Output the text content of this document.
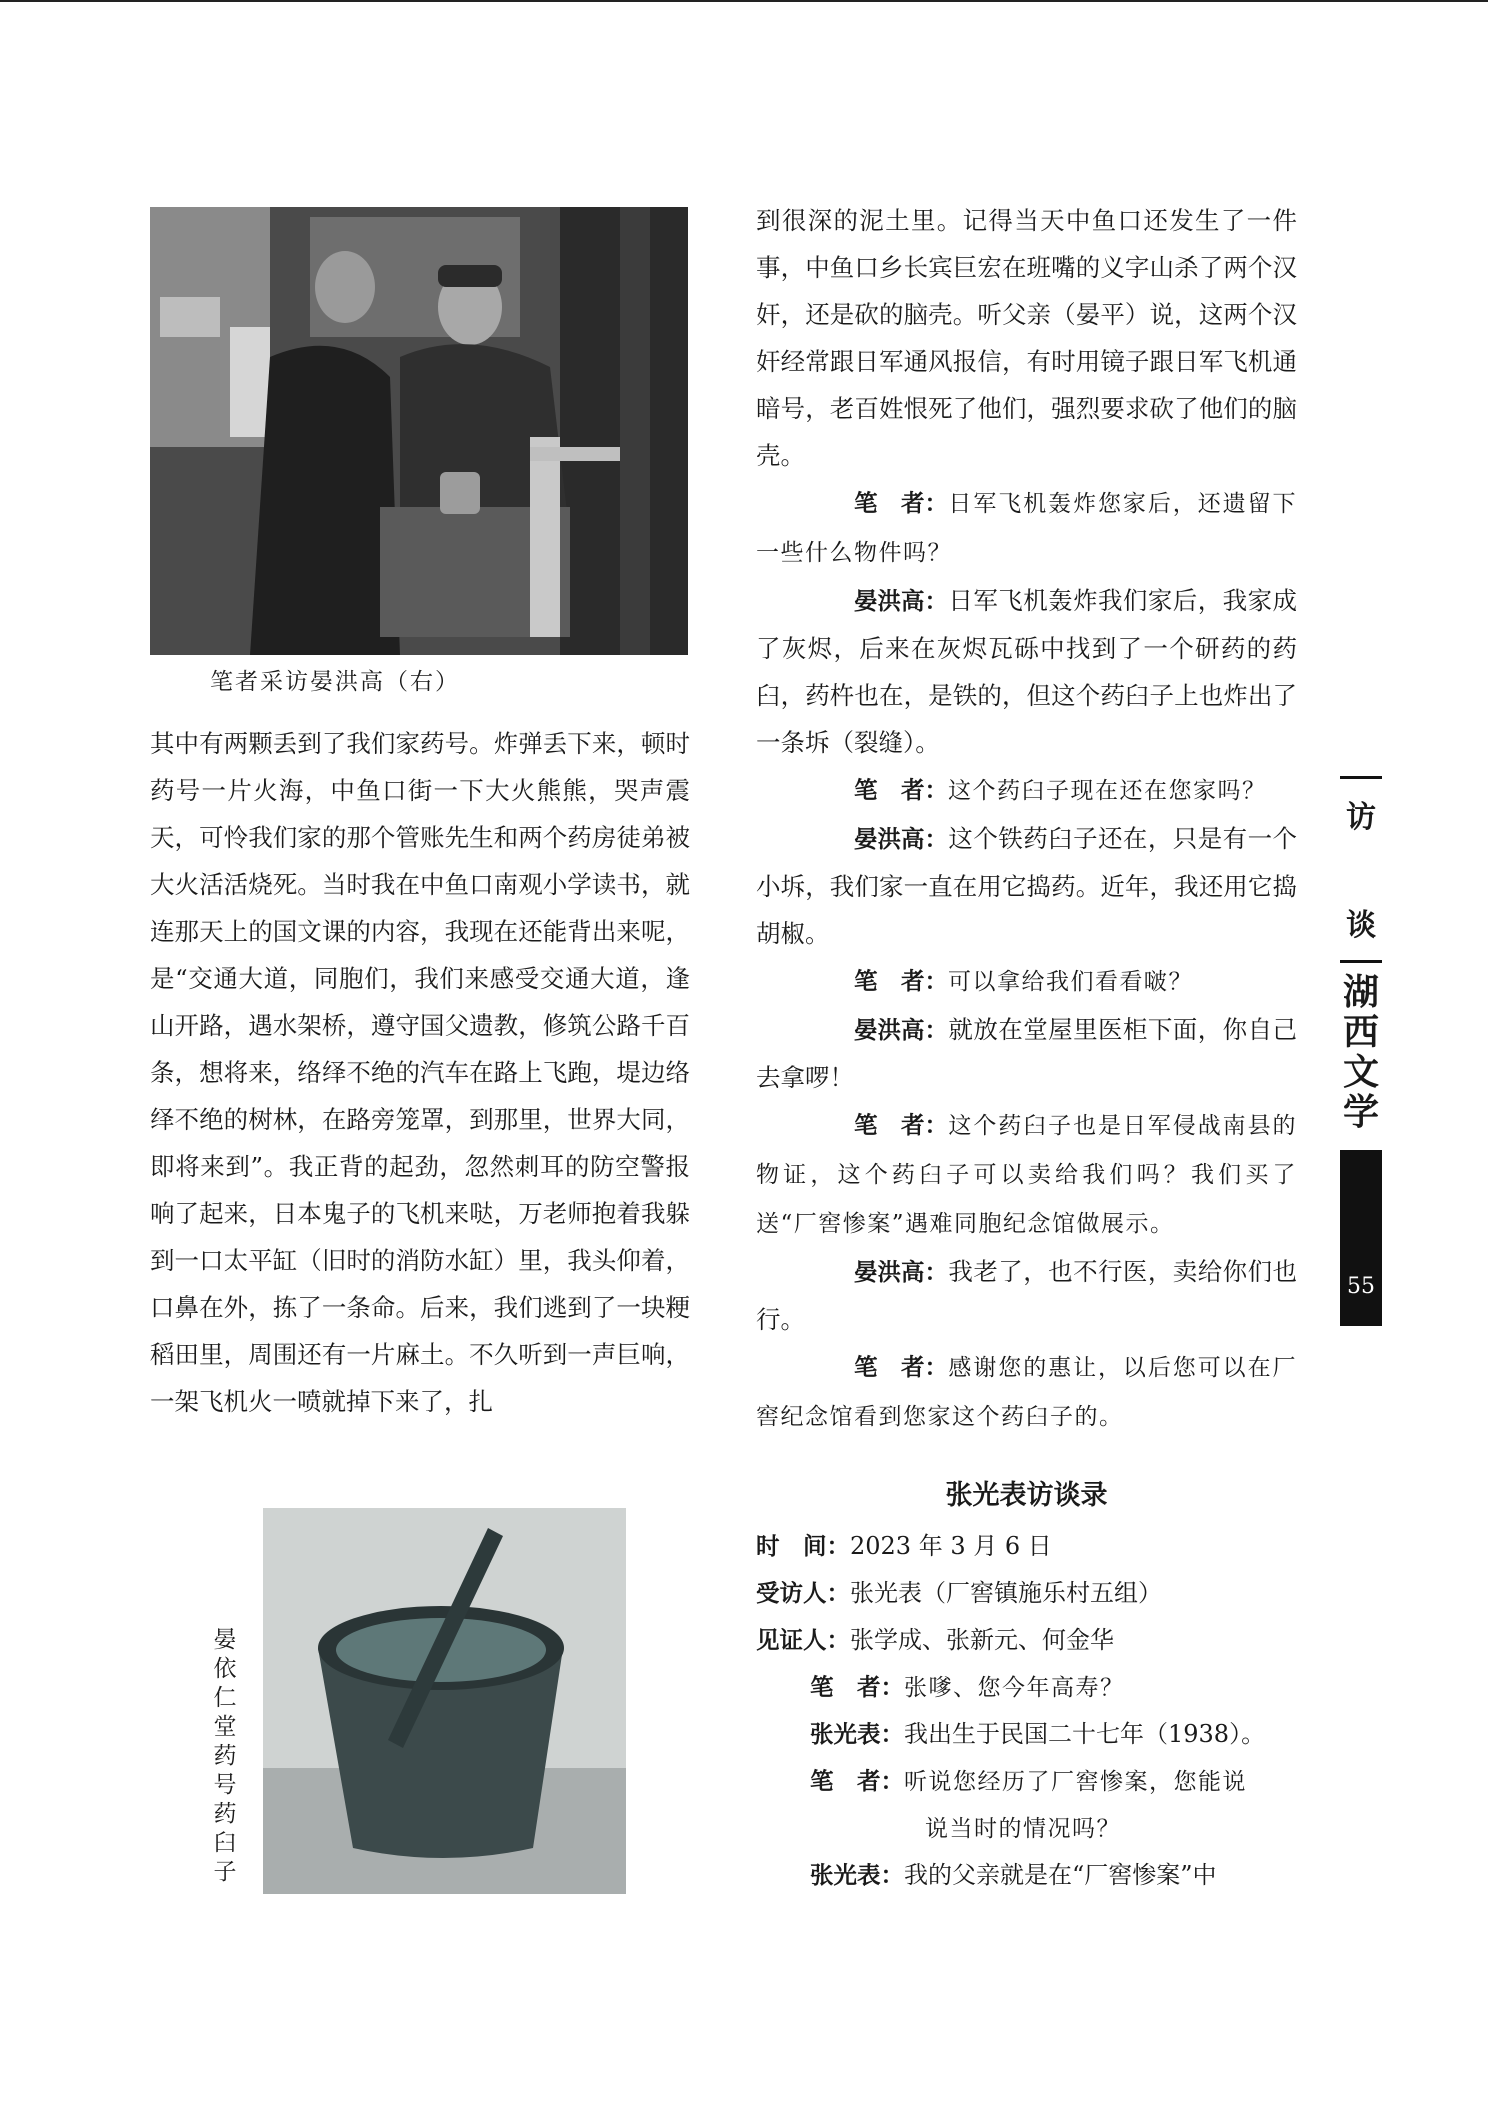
笔者采访晏洪高（右）

其中有两颗丢到了我们家药号。炸弹丢下来，顿时药号一片火海，中鱼口街一下大火熊熊，哭声震天，可怜我们家的那个管账先生和两个药房徒弟被大火活活烧死。当时我在中鱼口南观小学读书，就连那天上的国文课的内容，我现在还能背出来呢，是“交通大道，同胞们，我们来感受交通大道，逢山开路，遇水架桥，遵守国父遗教，修筑公路千百条，想将来，络绎不绝的汽车在路上飞跑，堤边络绎不绝的树林，在路旁笼罩，到那里，世界大同，即将来到”。我正背的起劲，忽然刺耳的防空警报响了起来，日本鬼子的飞机来哒，万老师抱着我躲到一口太平缸（旧时的消防水缸）里，我头仰着，口鼻在外，拣了一条命。后来，我们逃到了一块粳稻田里，周围还有一片麻土。不久听到一声巨响，一架飞机火一喷就掉下来了，扎

晏依仁堂药号药臼子

到很深的泥土里。记得当天中鱼口还发生了一件事，中鱼口乡长宾巨宏在班嘴的义字山杀了两个汉奸，还是砍的脑壳。听父亲（晏平）说，这两个汉奸经常跟日军通风报信，有时用镜子跟日军飞机通暗号，老百姓恨死了他们，强烈要求砍了他们的脑壳。

笔　者：日军飞机轰炸您家后，还遗留下一些什么物件吗？

晏洪高：日军飞机轰炸我们家后，我家成了灰烬，后来在灰烬瓦砾中找到了一个研药的药臼，药杵也在，是铁的，但这个药臼子上也炸出了一条坼（裂缝）。

笔　者：这个药臼子现在还在您家吗？

晏洪高：这个铁药臼子还在，只是有一个小坼，我们家一直在用它捣药。近年，我还用它捣胡椒。

笔　者：可以拿给我们看看啵？

晏洪高：就放在堂屋里医柜下面，你自己去拿啰！

笔　者：这个药臼子也是日军侵战南县的物证，这个药臼子可以卖给我们吗？我们买了送“厂窖惨案”遇难同胞纪念馆做展示。

晏洪高：我老了，也不行医，卖给你们也行。

笔　者：感谢您的惠让，以后您可以在厂窖纪念馆看到您家这个药臼子的。

张光表访谈录
时　间：2023 年 3 月 6 日
受访人：张光表（厂窖镇施乐村五组）
见证人：张学成、张新元、何金华
笔　者：张嗲、您今年高寿？
张光表：我出生于民国二十七年（1938）。
笔　者：听说您经历了厂窖惨案，您能说
说当时的情况吗？
张光表：我的父亲就是在“厂窖惨案”中
访
谈
湖
西
文
学
55
